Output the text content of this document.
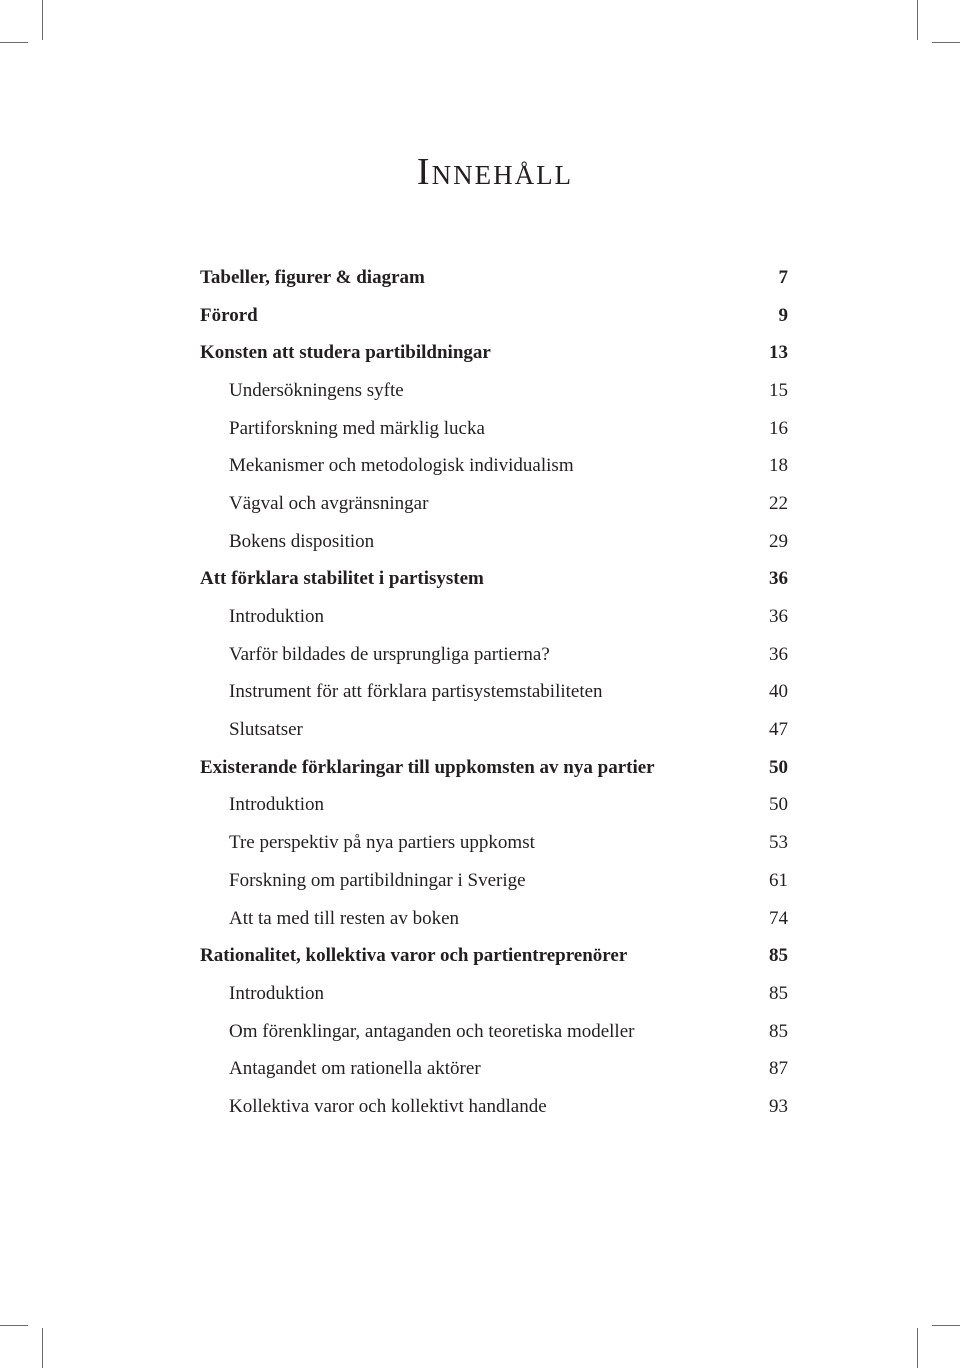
Innehåll
Tabeller, figurer & diagram	7
Förord	9
Konsten att studera partibildningar	13
Undersökningens syfte	15
Partiforskning med märklig lucka	16
Mekanismer och metodologisk individualism	18
Vägval och avgränsningar	22
Bokens disposition	29
Att förklara stabilitet i partisystem	36
Introduktion	36
Varför bildades de ursprungliga partierna?	36
Instrument för att förklara partisystemstabiliteten	40
Slutsatser	47
Existerande förklaringar till uppkomsten av nya partier	50
Introduktion	50
Tre perspektiv på nya partiers uppkomst	53
Forskning om partibildningar i Sverige	61
Att ta med till resten av boken	74
Rationalitet, kollektiva varor och partientreprenörer	85
Introduktion	85
Om förenklingar, antaganden och teoretiska modeller	85
Antagandet om rationella aktörer	87
Kollektiva varor och kollektivt handlande	93
